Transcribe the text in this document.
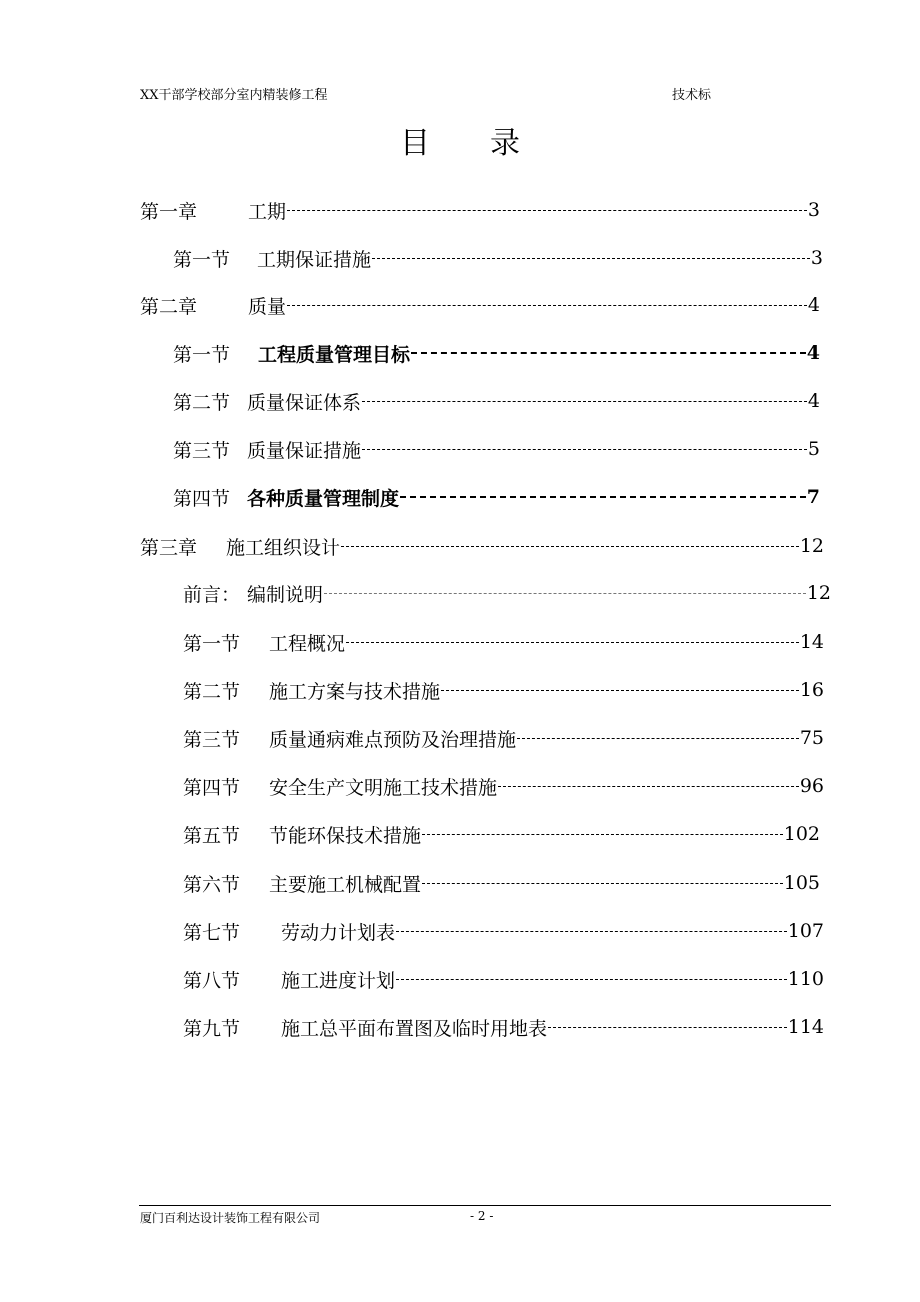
XX干部学校部分室内精装修工程	技术标
目录
第一章	工期	3
第一节	工期保证措施	3
第二章	质量	4
第一节	工程质量管理目标	4
第二节 质量保证体系	4
第三节 质量保证措施	5
第四节 各种质量管理制度	7
第三章	施工组织设计	12
前言： 编制说明	12
第一节	工程概况	14
第二节	施工方案与技术措施	16
第三节	质量通病难点预防及治理措施	75
第四节	安全生产文明施工技术措施	96
第五节	节能环保技术措施	102
第六节	主要施工机械配置	105
第七节	劳动力计划表	107
第八节	施工进度计划	110
第九节	施工总平面布置图及临时用地表	114
厦门百利达设计装饰工程有限公司	- 2 -
